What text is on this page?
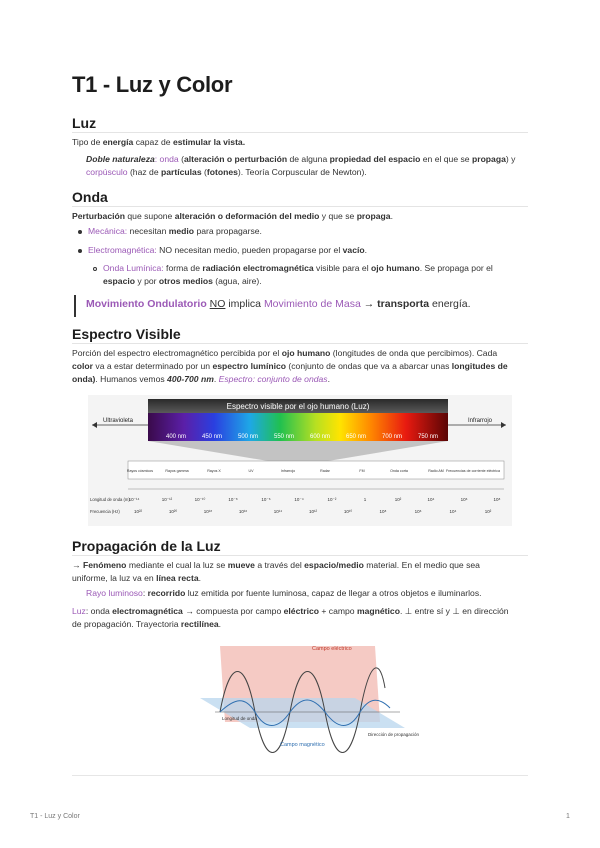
T1 - Luz y Color
Luz
Tipo de energía capaz de estimular la vista.
Doble naturaleza: onda (alteración o perturbación de alguna propiedad del espacio en el que se propaga) y
corpúsculo (haz de partículas (fotones). Teoría Corpuscular de Newton).
Onda
Perturbación que supone alteración o deformación del medio y que se propaga.
Mecánica: necesitan medio para propagarse.
Electromagnética: NO necesitan medio, pueden propagarse por el vacío.
Onda Lumínica: forma de radiación electromagnética visible para el ojo humano. Se propaga por el
espacio y por otros medios (agua, aire).
Movimiento Ondulatorio NO implica Movimiento de Masa → transporta energía.
Espectro Visible
Porción del espectro electromagnético percibida por el ojo humano (longitudes de onda que percibimos). Cada
color va a estar determinado por un espectro lumínico (conjunto de ondas que va a abarcar unas longitudes de
onda). Humanos vemos 400-700 nm. Espectro: conjunto de ondas.
Espectro visible por el ojo humano (Luz)
Ultravioleta	Infrarrojo
400 nm	450 nm	500 nm	550 nm	600 nm	650 nm	700 nm	750 nm
Rayos cósmicos	Rayos gamma	Rayos X	UV	Infrarrojo	Radar	FM	Onda corta	Radio AM Frecuencias de corriente eléctrica
Longitud de onda (m)
Frecuencia (Hz)
10⁻¹⁴	10⁻¹²	10⁻¹⁰	10⁻⁸	10⁻⁶	10⁻⁴	10⁻²	1	10²	10⁴	10⁶	10⁸
10²²	10²⁰	10¹⁸	10¹⁶	10¹⁴	10¹²	10¹⁰	10⁸	10⁶	10⁴	10²
Propagación de la Luz
→ Fenómeno mediante el cual la luz se mueve a través del espacio/medio material. En el medio que sea
uniforme, la luz va en línea recta.
Rayo luminoso: recorrido luz emitida por fuente luminosa, capaz de llegar a otros objetos e iluminarlos.
Luz: onda electromagnética → compuesta por campo eléctrico + campo magnético. ⊥ entre sí y ⊥ en dirección
de propagación. Trayectoria rectilínea.
Campo eléctrico
Campo magnético
Longitud de onda
Dirección de propagación
T1 - Luz y Color	1
